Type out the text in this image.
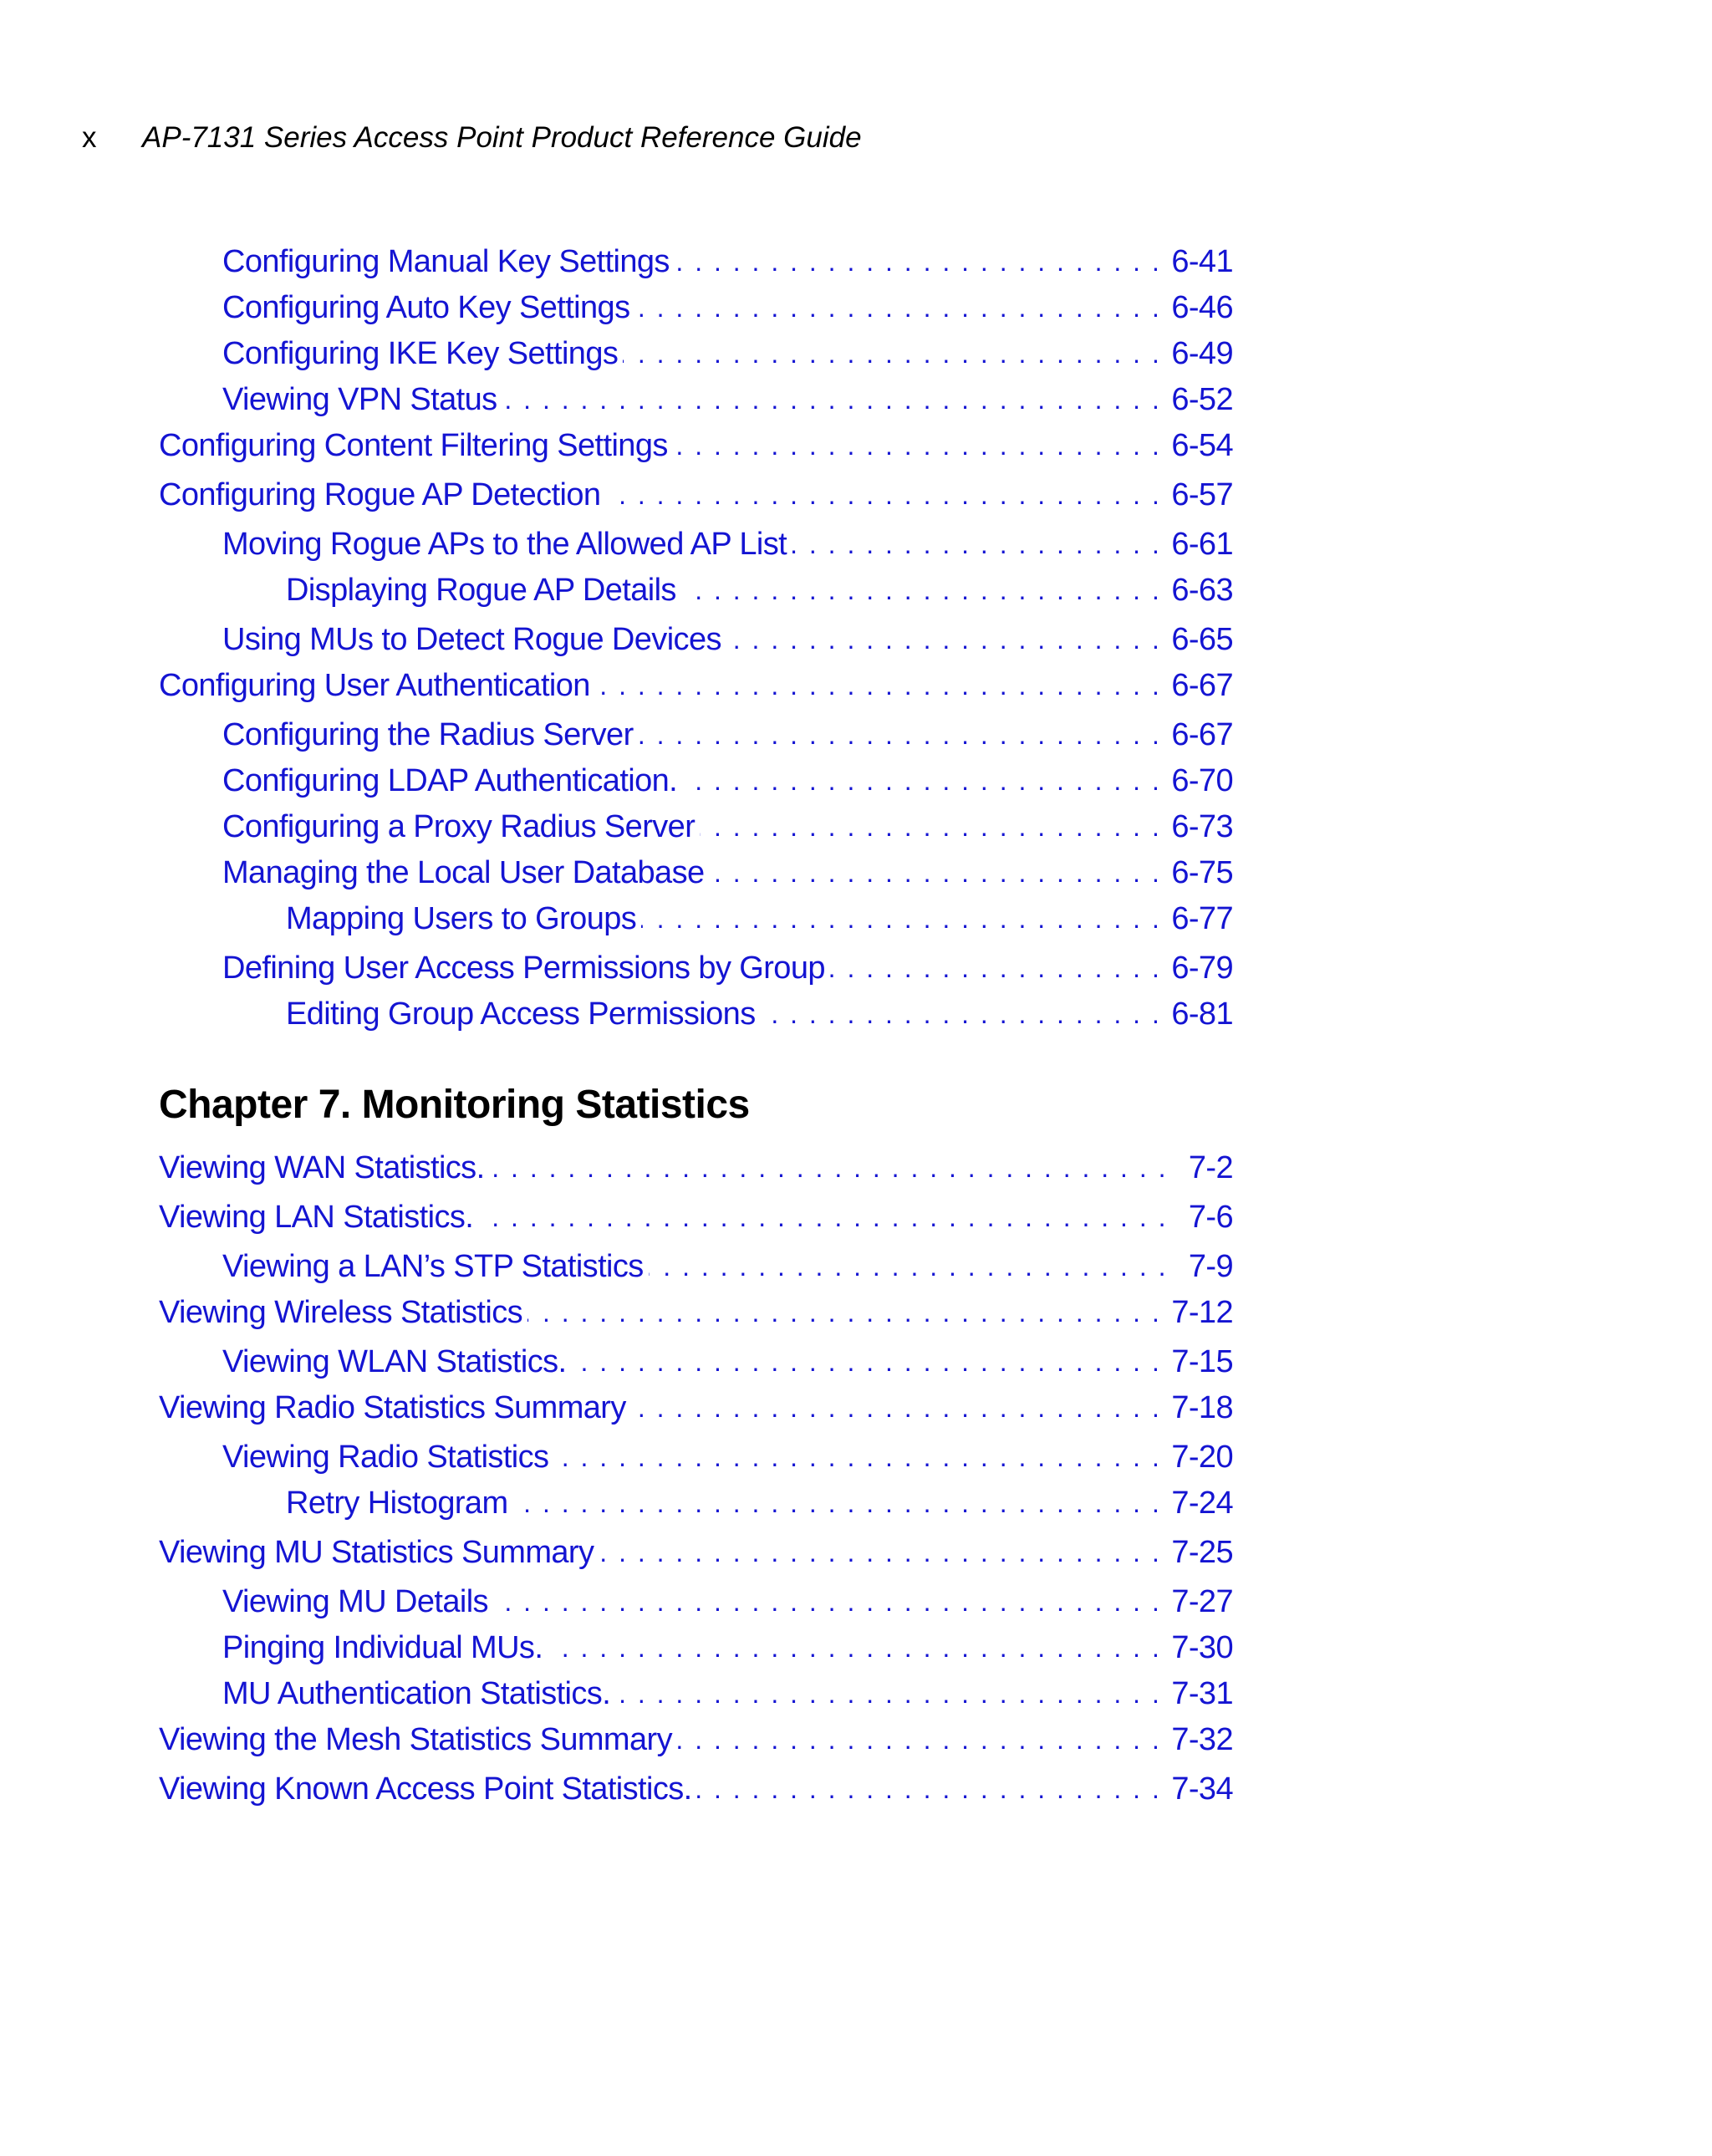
x	AP-7131 Series Access Point Product Reference Guide
Configuring Manual Key Settings . . .	6-41
Configuring Auto Key Settings . . .	6-46
Configuring IKE Key Settings . . .	6-49
Viewing VPN Status . . .	6-52
Configuring Content Filtering Settings . . .	6-54
Configuring Rogue AP Detection . . .	6-57
Moving Rogue APs to the Allowed AP List . . .	6-61
Displaying Rogue AP Details . . .	6-63
Using MUs to Detect Rogue Devices . . .	6-65
Configuring User Authentication . . .	6-67
Configuring the Radius Server . . .	6-67
Configuring LDAP Authentication. . . .	6-70
Configuring a Proxy Radius Server . . .	6-73
Managing the Local User Database . . .	6-75
Mapping Users to Groups . . .	6-77
Defining User Access Permissions by Group . . .	6-79
Editing Group Access Permissions . . .	6-81
Chapter 7. Monitoring Statistics
Viewing WAN Statistics. . . .	7-2
Viewing LAN Statistics. . . .	7-6
Viewing a LAN’s STP Statistics . . .	7-9
Viewing Wireless Statistics . . .	7-12
Viewing WLAN Statistics. . . .	7-15
Viewing Radio Statistics Summary . . .	7-18
Viewing Radio Statistics . . .	7-20
Retry Histogram . . .	7-24
Viewing MU Statistics Summary . . .	7-25
Viewing MU Details . . .	7-27
Pinging Individual MUs. . . .	7-30
MU Authentication Statistics. . . .	7-31
Viewing the Mesh Statistics Summary . . .	7-32
Viewing Known Access Point Statistics. . . .	7-34
